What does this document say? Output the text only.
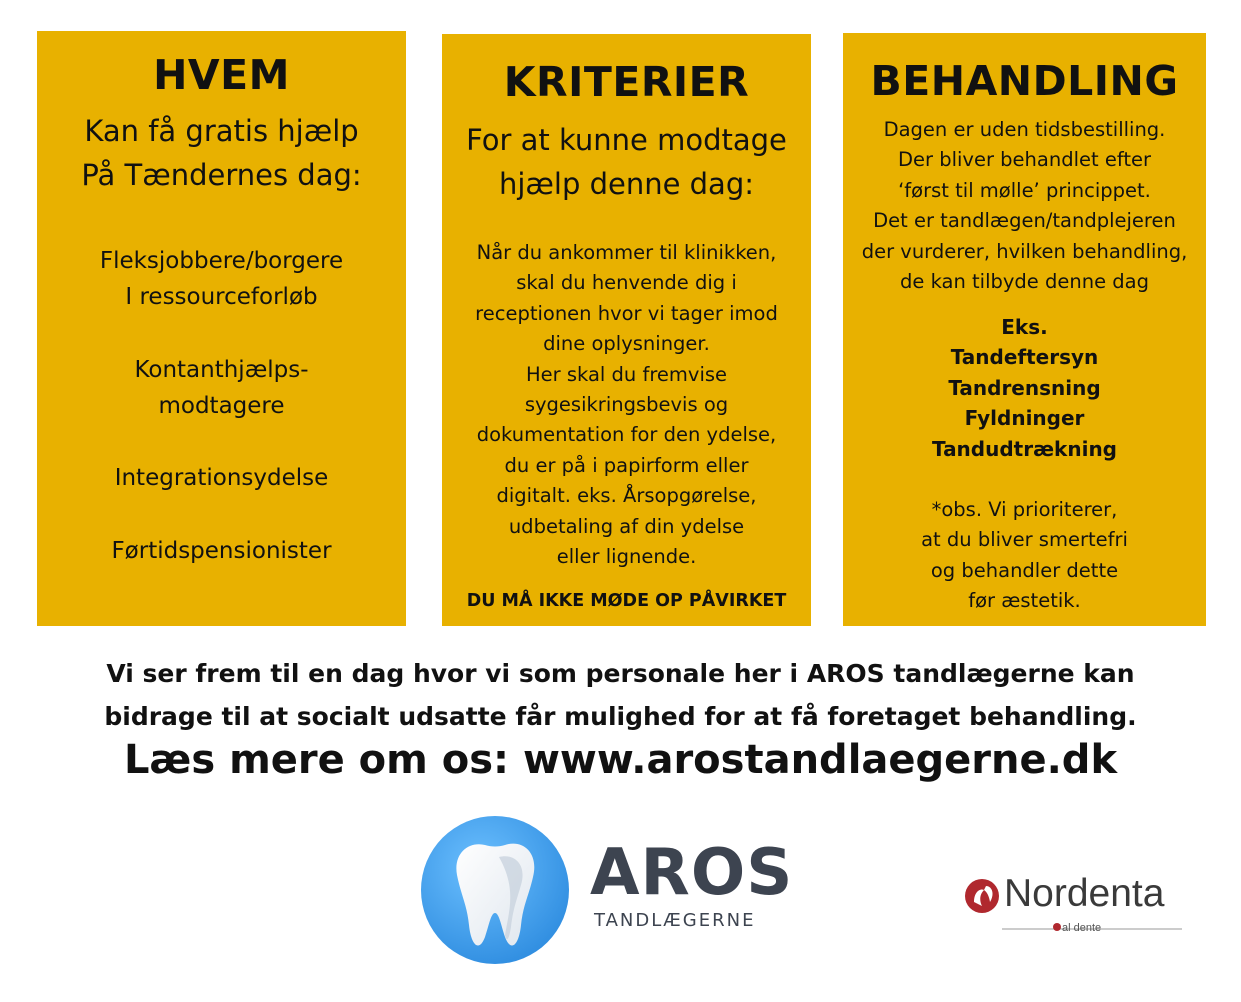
HVEM
Kan få gratis hjælp
På Tændernes dag:
Fleksjobbere/borgere
I ressourceforløb
Kontanthjælps-
modtagere
Integrationsydelse
Førtidspensionister
KRITERIER
For at kunne modtage
hjælp denne dag:
Når du ankommer til klinikken,
skal du henvende dig i
receptionen hvor vi tager imod
dine oplysninger.
Her skal du fremvise
sygesikringsbevis og
dokumentation for den ydelse,
du er på i papirform eller
digitalt. eks. Årsopgørelse,
udbetaling af din ydelse
eller lignende.
DU MÅ IKKE MØDE OP PÅVIRKET
BEHANDLING
Dagen er uden tidsbestilling.
Der bliver behandlet efter
‘først til mølle’ princippet.
Det er tandlægen/tandplejeren
der vurderer, hvilken behandling,
de kan tilbyde denne dag
Eks.
Tandeftersyn
Tandrensning
Fyldninger
Tandudtrækning
*obs. Vi prioriterer,
at du bliver smertefri
og behandler dette
før æstetik.
Vi ser frem til en dag hvor vi som personale her i AROS tandlægerne kan
bidrage til at socialt udsatte får mulighed for at få foretaget behandling.
Læs mere om os: www.arostandlaegerne.dk
AROS
TANDLÆGERNE
Nordenta
al dente
